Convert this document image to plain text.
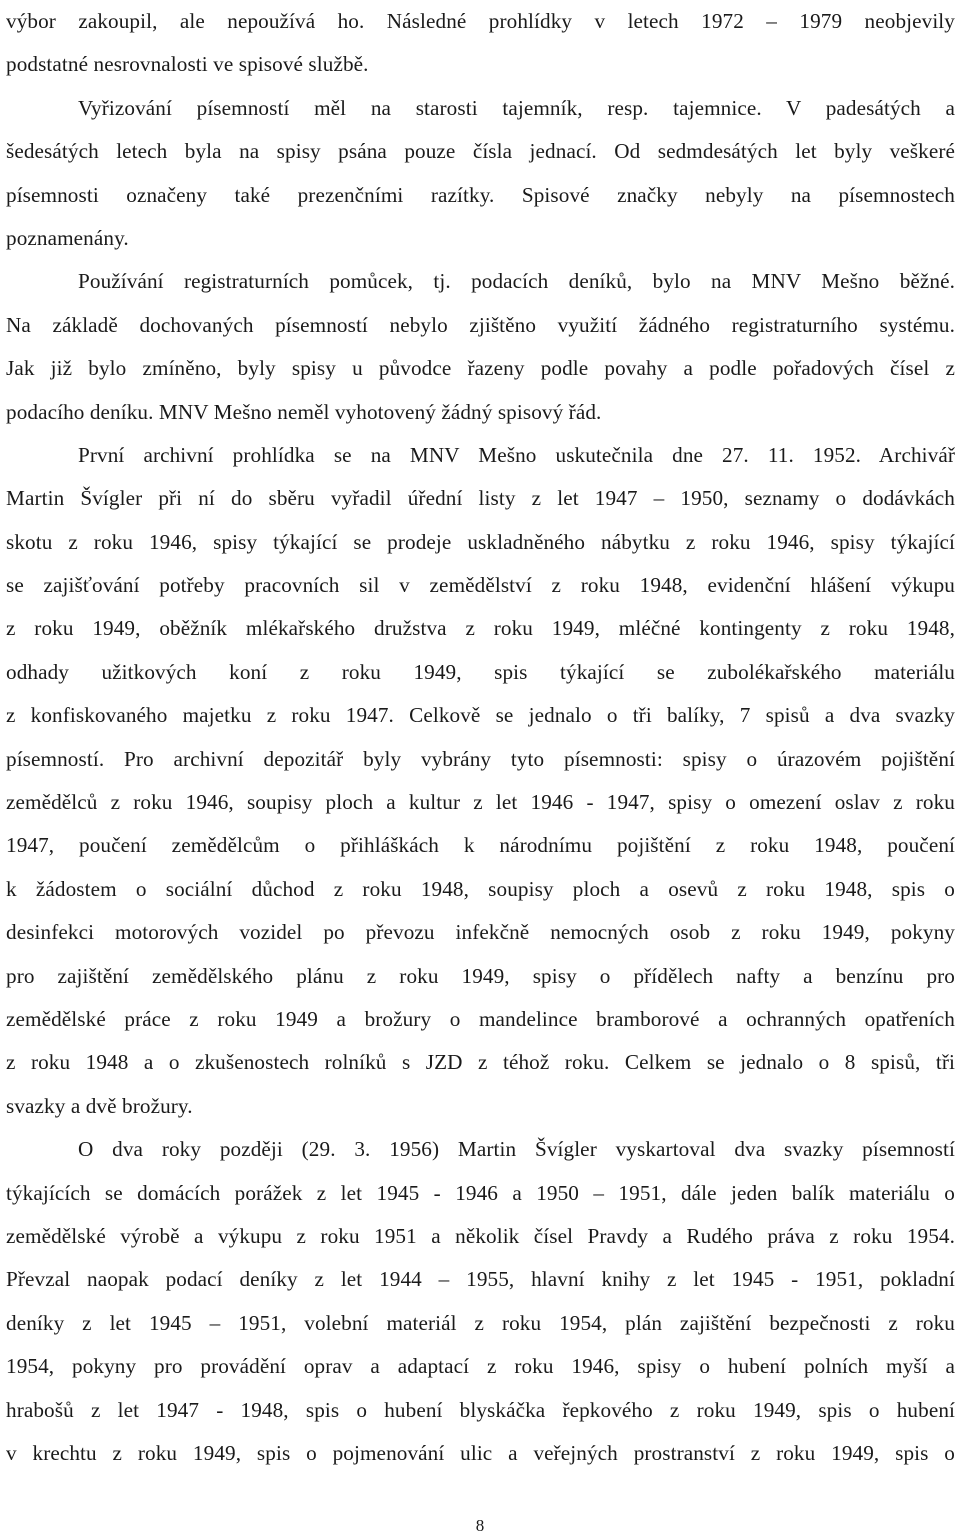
výbor zakoupil, ale nepoužívá ho. Následné prohlídky v letech 1972 – 1979 neobjevily
podstatné nesrovnalosti ve spisové službě.
Vyřizování písemností měl na starosti tajemník, resp. tajemnice. V padesátých a
šedesátých letech byla na spisy psána pouze čísla jednací. Od sedmdesátých let byly veškeré
písemnosti označeny také prezenčními razítky. Spisové značky nebyly na písemnostech
poznamenány.
Používání registraturních pomůcek, tj. podacích deníků, bylo na MNV Mešno běžné.
Na základě dochovaných písemností nebylo zjištěno využití žádného registraturního systému.
Jak již bylo zmíněno, byly spisy u původce řazeny podle povahy a podle pořadových čísel z
podacího deníku. MNV Mešno neměl vyhotovený žádný spisový řád.
První archivní prohlídka se na MNV Mešno uskutečnila dne 27. 11. 1952. Archivář
Martin Švígler při ní do sběru vyřadil úřední listy z let 1947 – 1950, seznamy o dodávkách
skotu z roku 1946, spisy týkající se prodeje uskladněného nábytku z roku 1946, spisy týkající
se zajišťování potřeby pracovních sil v zemědělství z roku 1948, evidenční hlášení výkupu
z roku 1949, oběžník mlékařského družstva z roku 1949, mléčné kontingenty z roku 1948,
odhady užitkových koní z roku 1949, spis týkající se zubolékařského materiálu
z konfiskovaného majetku z roku 1947. Celkově se jednalo o tři balíky, 7 spisů a dva svazky
písemností. Pro archivní depozitář byly vybrány tyto písemnosti: spisy o úrazovém pojištění
zemědělců z roku 1946, soupisy ploch a kultur z let 1946 - 1947, spisy o omezení oslav z roku
1947, poučení zemědělcům o přihláškách k národnímu pojištění z roku 1948, poučení
k žádostem o sociální důchod z roku 1948, soupisy ploch a osevů z roku 1948, spis o
desinfekci motorových vozidel po převozu infekčně nemocných osob z roku 1949, pokyny
pro zajištění zemědělského plánu z roku 1949, spisy o přídělech nafty a benzínu pro
zemědělské práce z roku 1949 a brožury o mandelince bramborové a ochranných opatřeních
z roku 1948 a o zkušenostech rolníků s JZD z téhož roku. Celkem se jednalo o 8 spisů, tři
svazky a dvě brožury.
O dva roky později (29. 3. 1956) Martin Švígler vyskartoval dva svazky písemností
týkajících se domácích porážek z let 1945 - 1946 a 1950 – 1951, dále jeden balík materiálu o
zemědělské výrobě a výkupu z roku 1951 a několik čísel Pravdy a Rudého práva z roku 1954.
Převzal naopak podací deníky z let 1944 – 1955, hlavní knihy z let 1945 - 1951, pokladní
deníky z let 1945 – 1951, volební materiál z roku 1954, plán zajištění bezpečnosti z roku
1954, pokyny pro provádění oprav a adaptací z roku 1946, spisy o hubení polních myší a
hrabošů z let 1947 - 1948, spis o hubení blyskáčka řepkového z roku 1949, spis o hubení
v krechtu z roku 1949, spis o pojmenování ulic a veřejných prostranství z roku 1949, spis o
8
